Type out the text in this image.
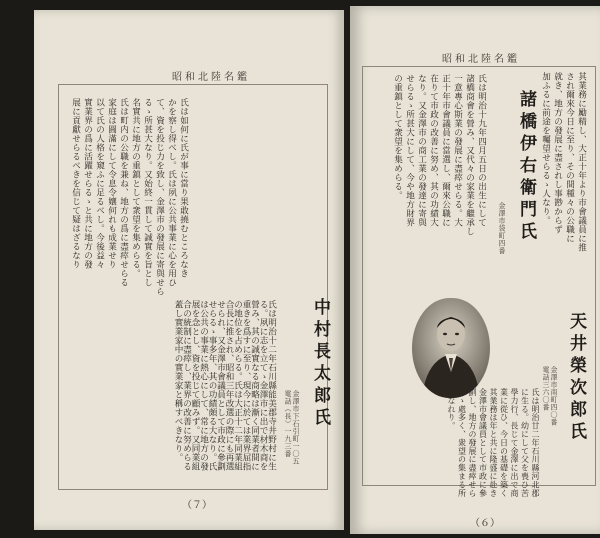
昭和北陸名鑑
氏は如何に氏が事に當り果敢撓むところなき
かを察し得べし。氏は夙に公共事業に心を用ひ
て、資を投じ力を致し、金澤市の發展に寄與せら
るゝ所甚大なり。又始終一貫して誠實を旨とし
名實共に地方の重鎮として衆望を集めらる。
氏は町内の公職を兼ね、地方の爲に盡瘁せらる
家庭は圓滿にして令息令孃何れも成業せり
以て氏の人格を窺ふに足るべし。今後益々
實業界の爲に活躍せらるゝと共に地方の發
展に貢獻せらるべきを信じて疑はざるなり
中村長太郎氏
金澤市下石引町一〇五
電話（長）一九三番
氏は明治十二年石川縣能美郡寺井野村に生
る。夙に志を立てゝ金澤市に出で材木商を
營み、其の誠實なる商略は漸く同業者間に
重きを爲すに至り、現今に於ては業界屈指
の地位を占めらる。氏は大正十二年同業組
合長に推され、昭和三年改選の際にも再選
せられ、又金澤市會議員として市政に參劃
せらるゝ事多年、其の功績頗る大なり。氏
は公共の事業に熱心にして、常に地方の發
展を念とし、資を投じて顧みず。又同業組
合の統制に盡瘁し、業界の改善に努めらる
蓋し實業家中の實業家と稱すべきなり。
（７）
昭和北陸名鑑
其業務に勵精し、大正十年より市會議員に推
され爾來今日に至り、その間種々の公職に
就き、地方の發展に盡されし事尠からず
加ふるに前途を囑望せらるゝ人なり。
諸橋伊右衛門氏
金澤市袋町四番
氏は明治十九年四月五日の出生にして
諸橋商會を營み、又代々の家業を繼承し
一意專心斯業の發展に盡瘁せらる。大
正十年市會議員に當選し、爾來公職に
在りて市政の改善に努め、其の功績大
なり。又金澤市の商工業の發達に寄與
せらるゝ所甚大にして、今や地方財界
の重鎮として衆望を集めらる。
天井榮次郎氏
金澤市南町四〇番
電話三六〇番
氏は明治廿二年石川縣河北郡
に生る。幼にして父を喪ひ苦
學力行、長じて金澤に出で商
業に從ひ、今日の基礎を築く
其業務は年と共に隆盛に赴き
金澤市會議員として市政に參
劃し、地方の發展に盡瘁せら
るゝ處多く、衆望の集まる所
となれり。
（６）
